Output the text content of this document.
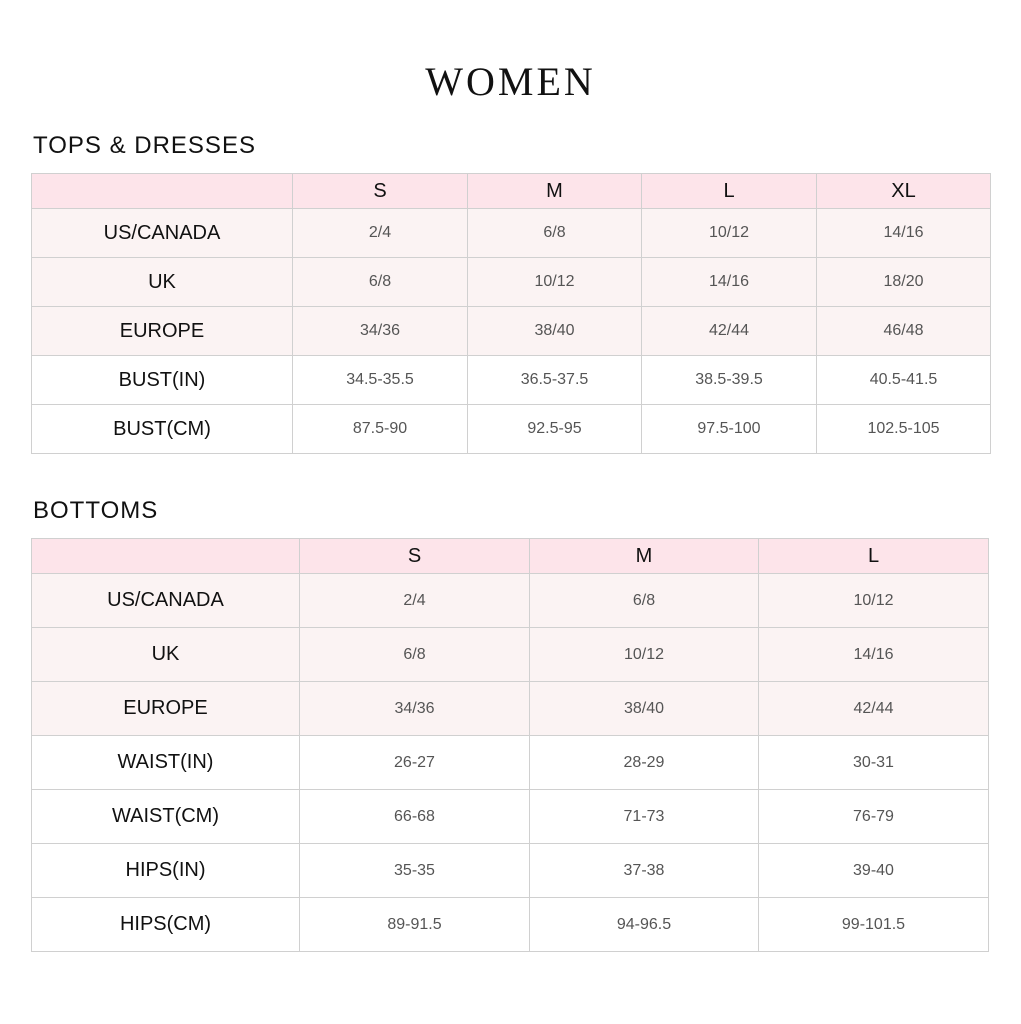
WOMEN
TOPS & DRESSES
	S	M	L	XL
US/CANADA	2/4	6/8	10/12	14/16
UK	6/8	10/12	14/16	18/20
EUROPE	34/36	38/40	42/44	46/48
BUST(IN)	34.5-35.5	36.5-37.5	38.5-39.5	40.5-41.5
BUST(CM)	87.5-90	92.5-95	97.5-100	102.5-105
BOTTOMS
	S	M	L
US/CANADA	2/4	6/8	10/12
UK	6/8	10/12	14/16
EUROPE	34/36	38/40	42/44
WAIST(IN)	26-27	28-29	30-31
WAIST(CM)	66-68	71-73	76-79
HIPS(IN)	35-35	37-38	39-40
HIPS(CM)	89-91.5	94-96.5	99-101.5
